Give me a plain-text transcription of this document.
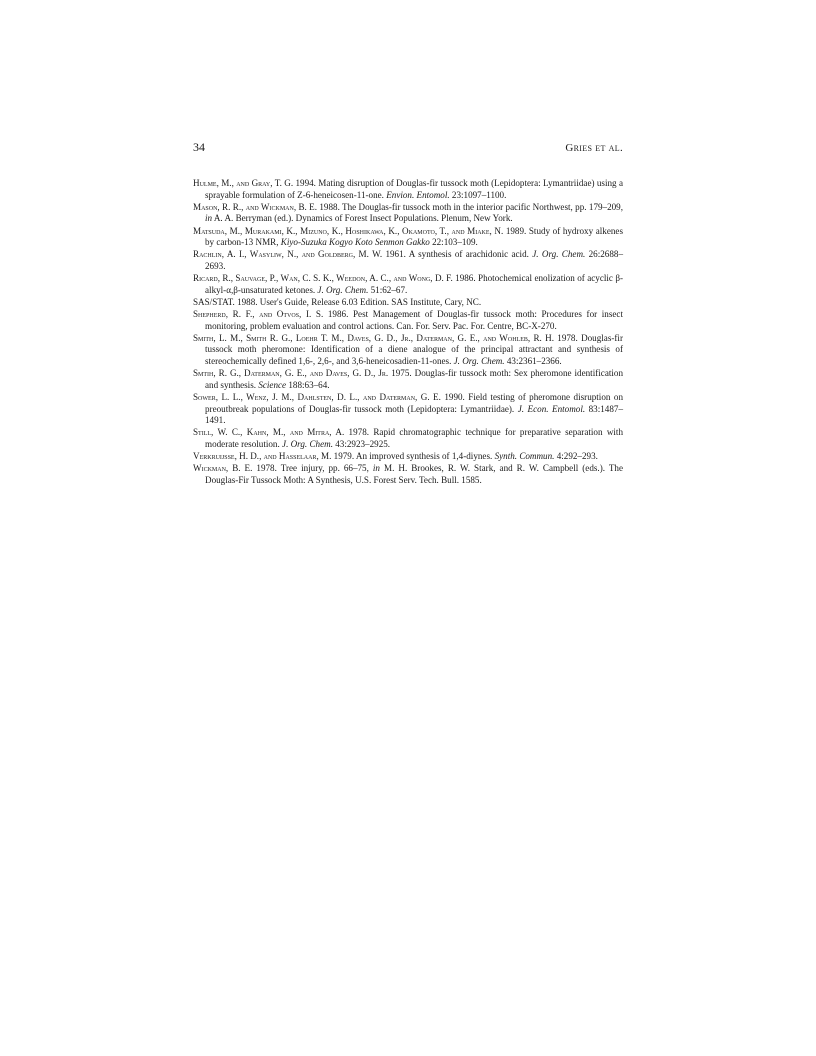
34	Gries et al.
Hulme, M., and Gray, T. G. 1994. Mating disruption of Douglas-fir tussock moth (Lepidoptera: Lymantriidae) using a sprayable formulation of Z-6-heneicosen-11-one. Envion. Entomol. 23:1097–1100.
Mason, R. R., and Wickman, B. E. 1988. The Douglas-fir tussock moth in the interior pacific Northwest, pp. 179–209, in A. A. Berryman (ed.). Dynamics of Forest Insect Populations. Plenum, New York.
Matsuda, M., Murakami, K., Mizuno, K., Hoshikawa, K., Okamoto, T., and Miake, N. 1989. Study of hydroxy alkenes by carbon-13 NMR, Kiyo-Suzuka Kogyo Koto Senmon Gakko 22:103–109.
Rachlin, A. I., Wasyliw, N., and Goldberg, M. W. 1961. A synthesis of arachidonic acid. J. Org. Chem. 26:2688–2693.
Ricard, R., Sauvage, P., Wan, C. S. K., Weedon, A. C., and Wong, D. F. 1986. Photochemical enolization of acyclic β-alkyl-α,β-unsaturated ketones. J. Org. Chem. 51:62–67.
SAS/STAT. 1988. User's Guide, Release 6.03 Edition. SAS Institute, Cary, NC.
Shepherd, R. F., and Otvos, I. S. 1986. Pest Management of Douglas-fir tussock moth: Procedures for insect monitoring, problem evaluation and control actions. Can. For. Serv. Pac. For. Centre, BC-X-270.
Smith, L. M., Smith R. G., Loehr T. M., Daves, G. D., Jr., Daterman, G. E., and Wohleb, R. H. 1978. Douglas-fir tussock moth pheromone: Identification of a diene analogue of the principal attractant and synthesis of stereochemically defined 1,6-, 2,6-, and 3,6-heneicosadien-11-ones. J. Org. Chem. 43:2361–2366.
Smtih, R. G., Daterman, G. E., and Daves, G. D., Jr. 1975. Douglas-fir tussock moth: Sex pheromone identification and synthesis. Science 188:63–64.
Sower, L. L., Wenz, J. M., Dahlsten, D. L., and Daterman, G. E. 1990. Field testing of pheromone disruption on preoutbreak populations of Douglas-fir tussock moth (Lepidoptera: Lymantriidae). J. Econ. Entomol. 83:1487–1491.
Still, W. C., Kahn, M., and Mitra, A. 1978. Rapid chromatographic technique for preparative separation with moderate resolution. J. Org. Chem. 43:2923–2925.
Verkruijsse, H. D., and Hasselaar, M. 1979. An improved synthesis of 1,4-diynes. Synth. Commun. 4:292–293.
Wickman, B. E. 1978. Tree injury, pp. 66–75, in M. H. Brookes, R. W. Stark, and R. W. Campbell (eds.). The Douglas-Fir Tussock Moth: A Synthesis, U.S. Forest Serv. Tech. Bull. 1585.
